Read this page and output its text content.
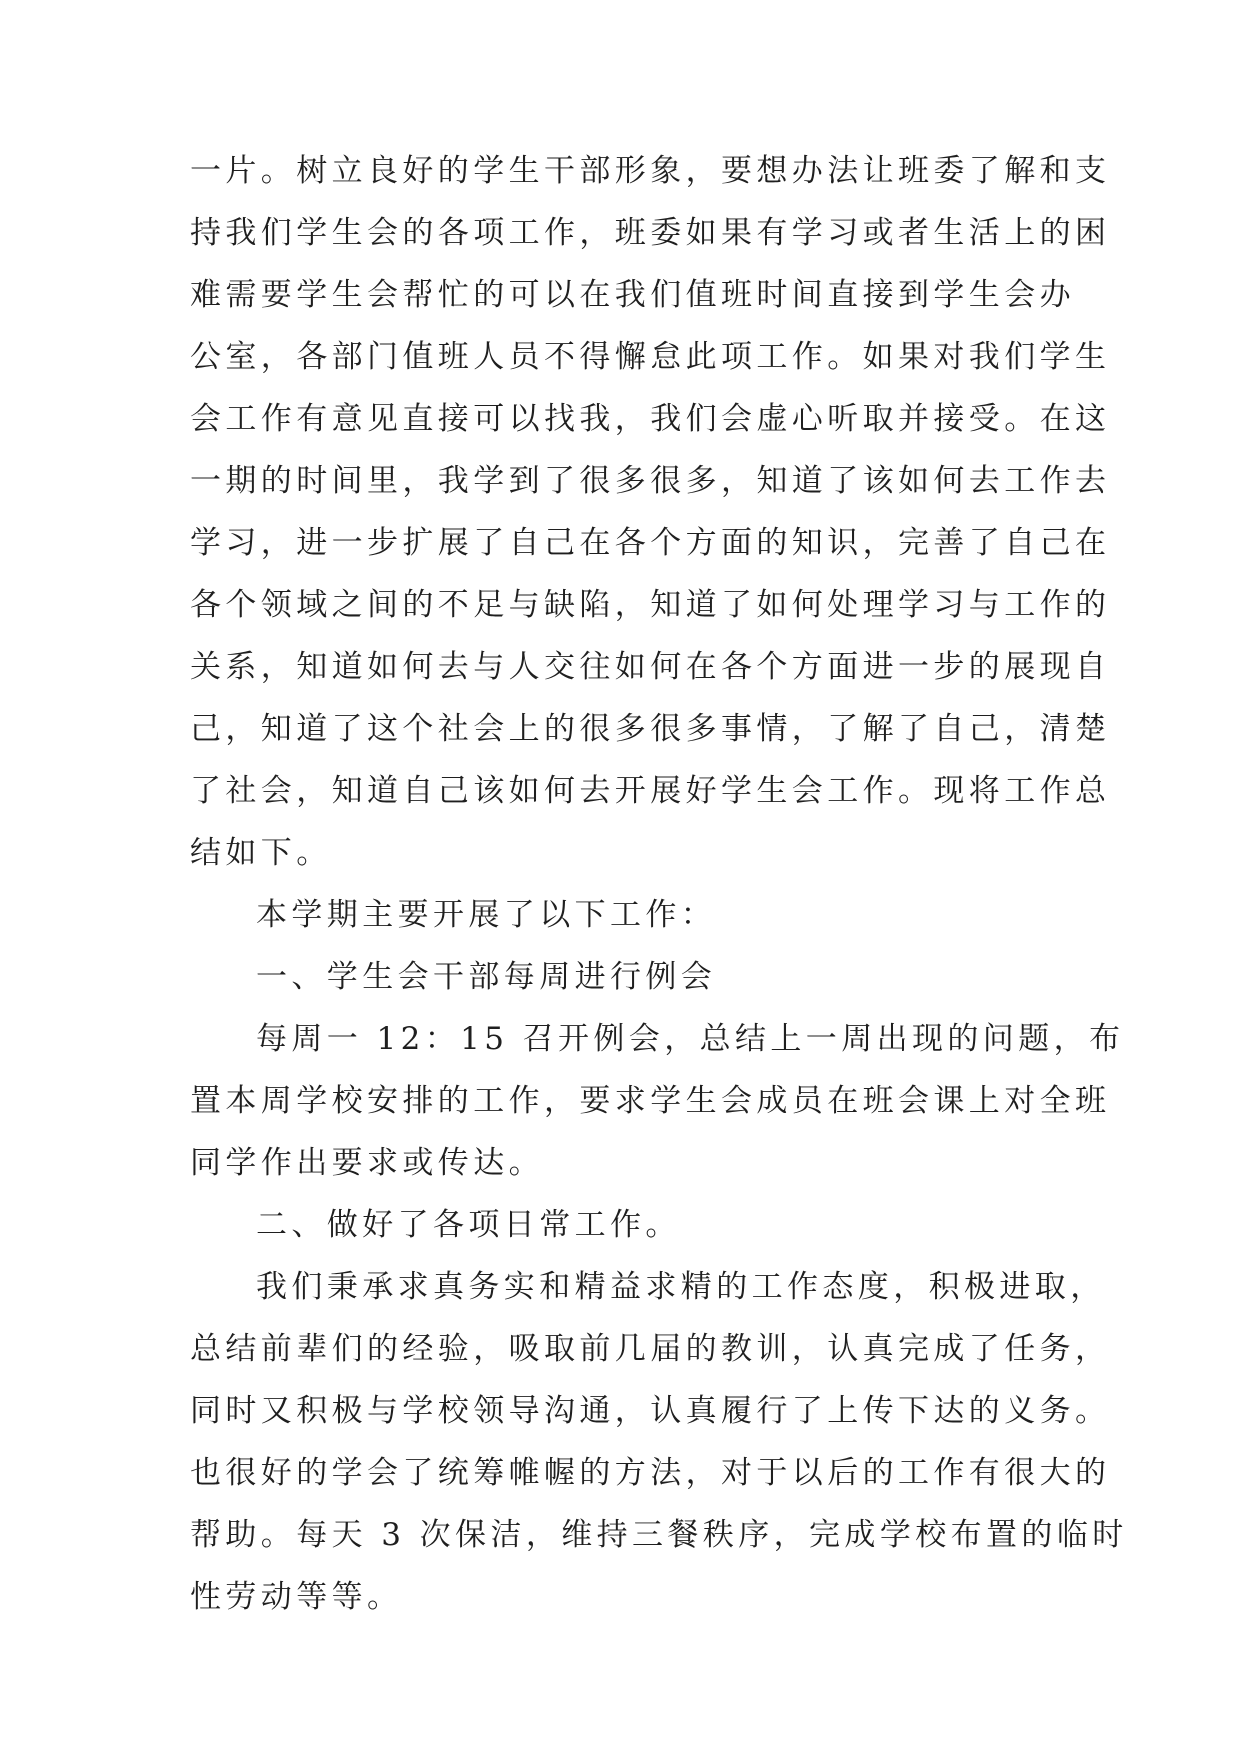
一片。树立良好的学生干部形象，要想办法让班委了解和支
持我们学生会的各项工作，班委如果有学习或者生活上的困
难需要学生会帮忙的可以在我们值班时间直接到学生会办
公室，各部门值班人员不得懈怠此项工作。如果对我们学生
会工作有意见直接可以找我，我们会虚心听取并接受。在这
一期的时间里，我学到了很多很多，知道了该如何去工作去
学习，进一步扩展了自己在各个方面的知识，完善了自己在
各个领域之间的不足与缺陷，知道了如何处理学习与工作的
关系，知道如何去与人交往如何在各个方面进一步的展现自
己，知道了这个社会上的很多很多事情，了解了自己，清楚
了社会，知道自己该如何去开展好学生会工作。现将工作总
结如下。
本学期主要开展了以下工作：
一、学生会干部每周进行例会
每周一 12：15 召开例会，总结上一周出现的问题，布
置本周学校安排的工作，要求学生会成员在班会课上对全班
同学作出要求或传达。
二、做好了各项日常工作。
我们秉承求真务实和精益求精的工作态度，积极进取，
总结前辈们的经验，吸取前几届的教训，认真完成了任务，
同时又积极与学校领导沟通，认真履行了上传下达的义务。
也很好的学会了统筹帷幄的方法，对于以后的工作有很大的
帮助。每天 3 次保洁，维持三餐秩序，完成学校布置的临时
性劳动等等。
